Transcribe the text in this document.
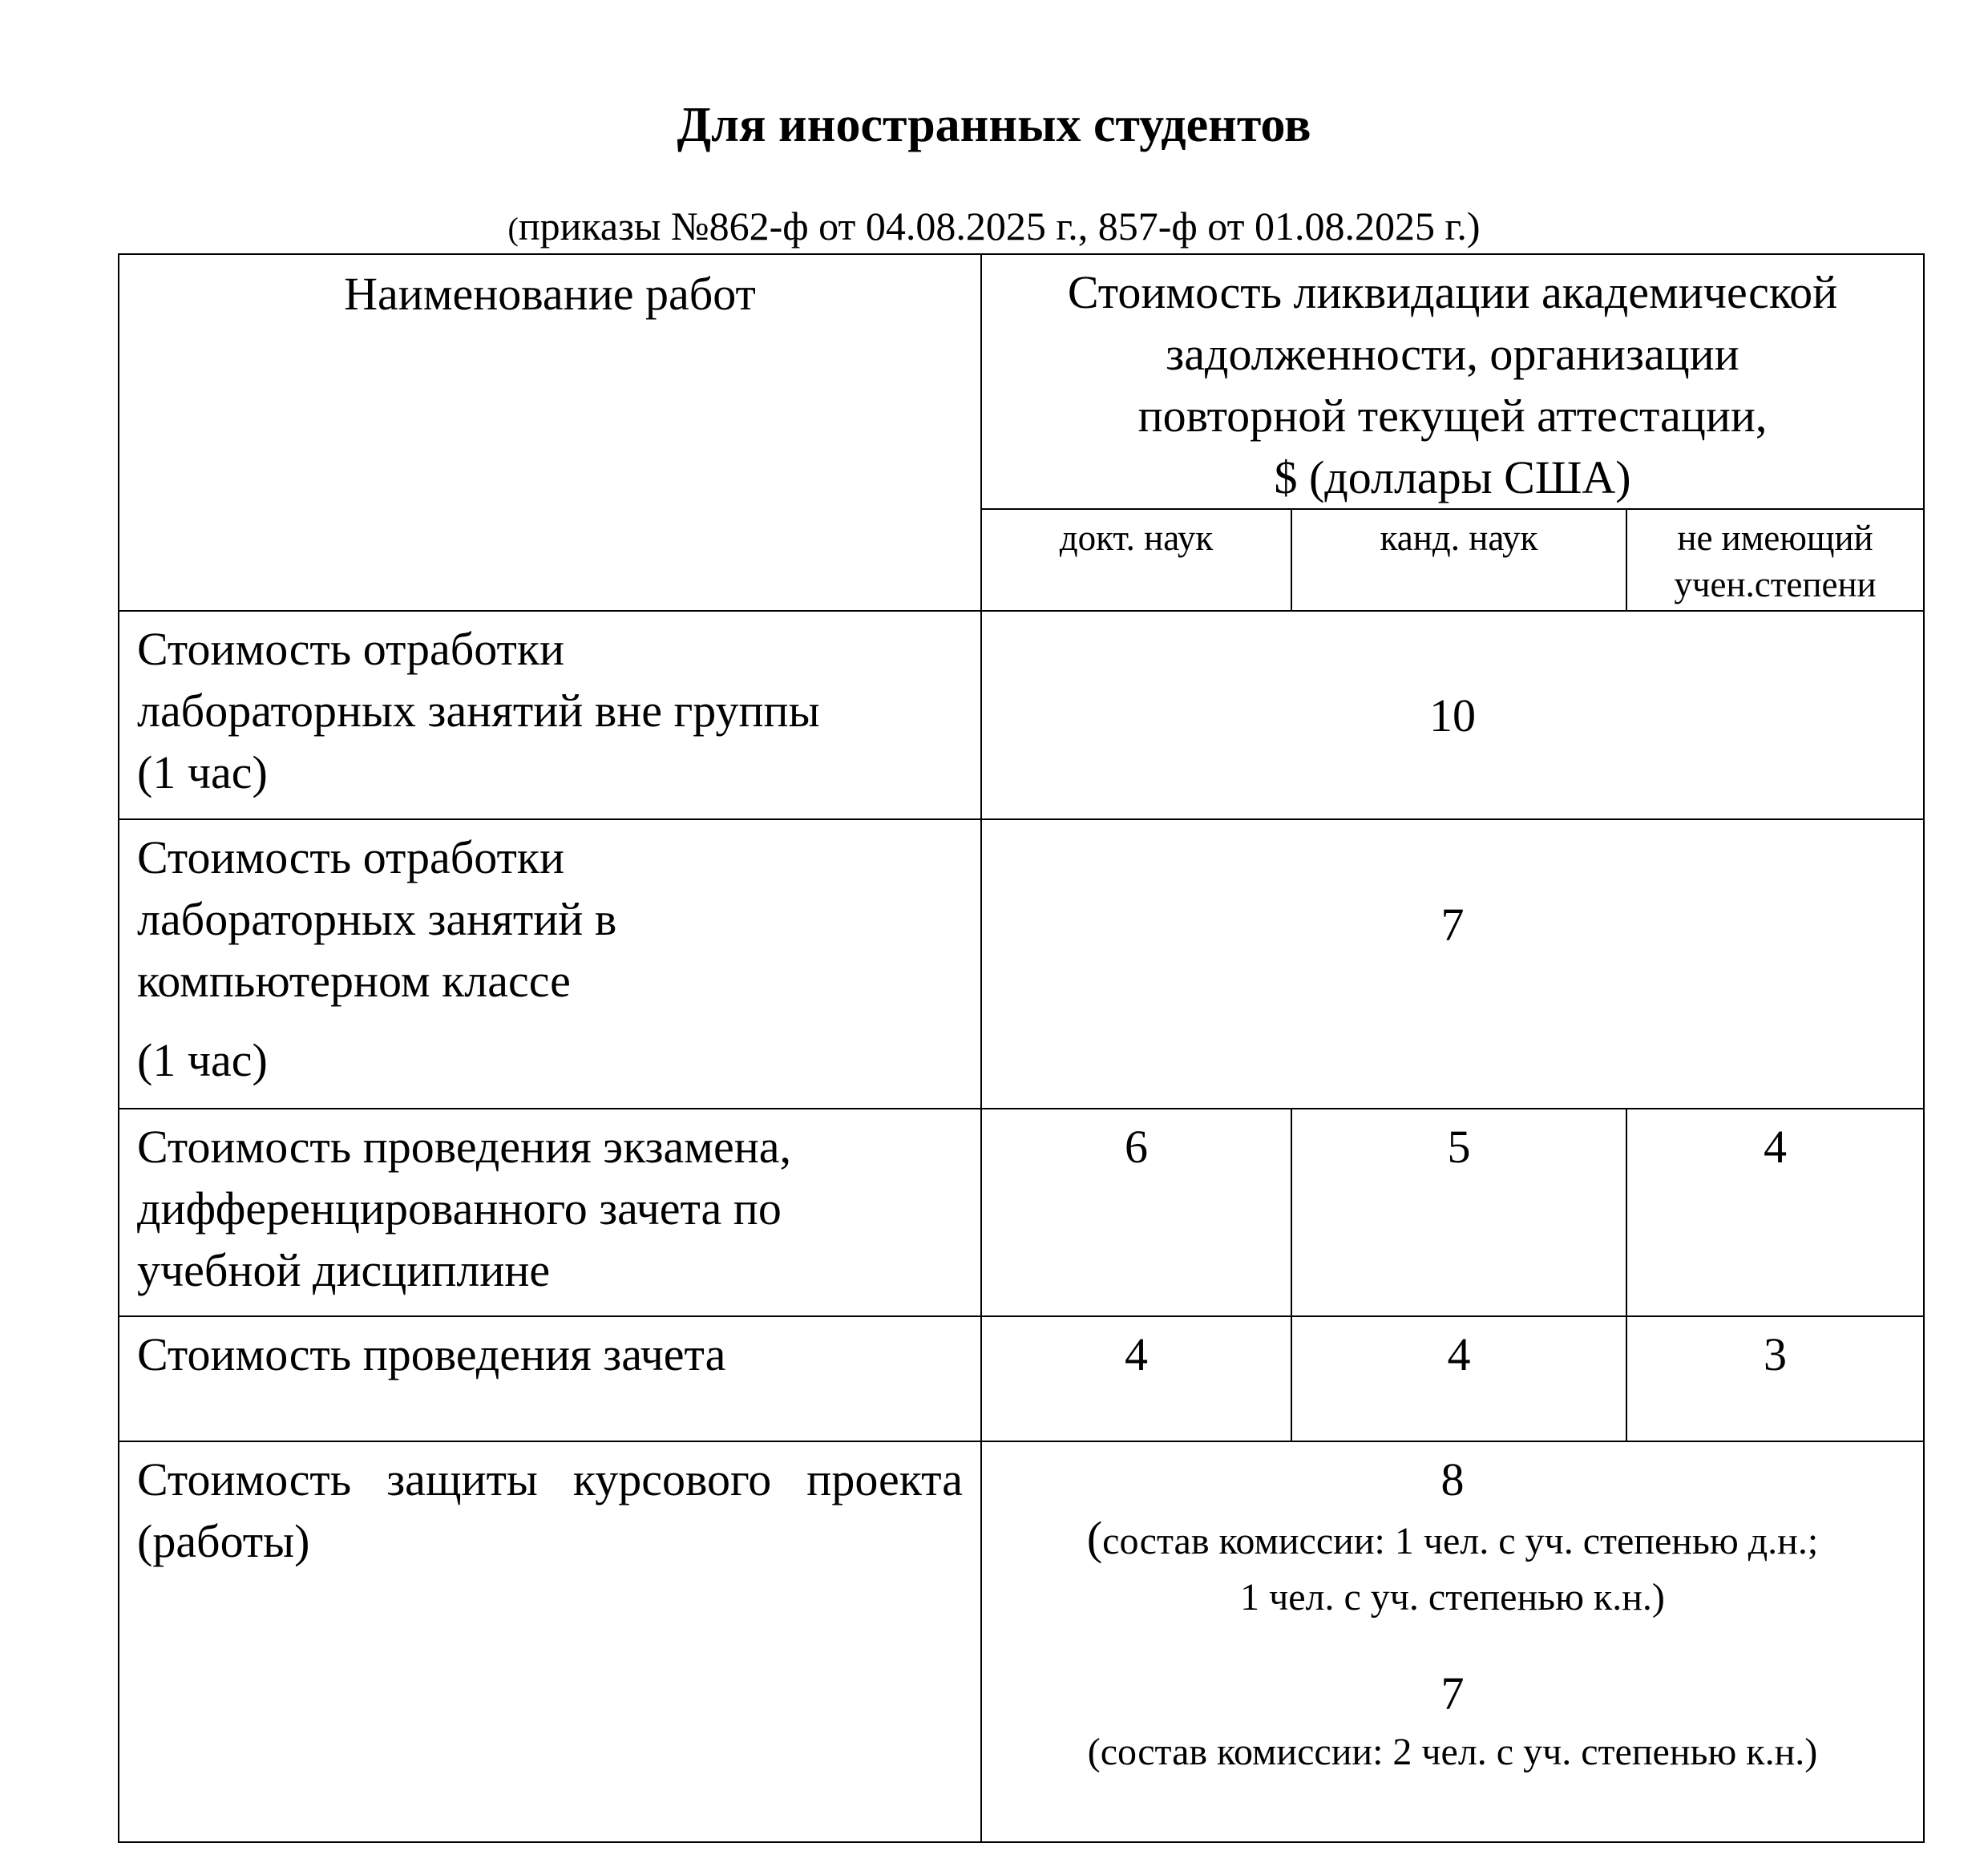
Для иностранных студентов
(приказы №862-ф от 04.08.2025 г., 857-ф от 01.08.2025 г.)
Наименование работ	Стоимость ликвидации академической
задолженности, организации
повторной текущей аттестации,
$ (доллары США)		

	докт. наук	канд. наук	не имеющий учен.степени

Стоимость отработки
лабораторных занятий вне группы
(1 час)	10		

Стоимость отработки
лабораторных занятий в
компьютерном классе
(1 час)	7		

Стоимость проведения экзамена,
дифференцированного зачета по
учебной дисциплине	6	5	4

Стоимость проведения зачета	4	4	3
Стоимость защиты курсового проекта (работы)	8
(состав комиссии: 1 чел. с уч. степенью д.н.;
1 чел. с уч. степенью к.н.)
7
(состав комиссии: 2 чел. с уч. степенью к.н.)		
